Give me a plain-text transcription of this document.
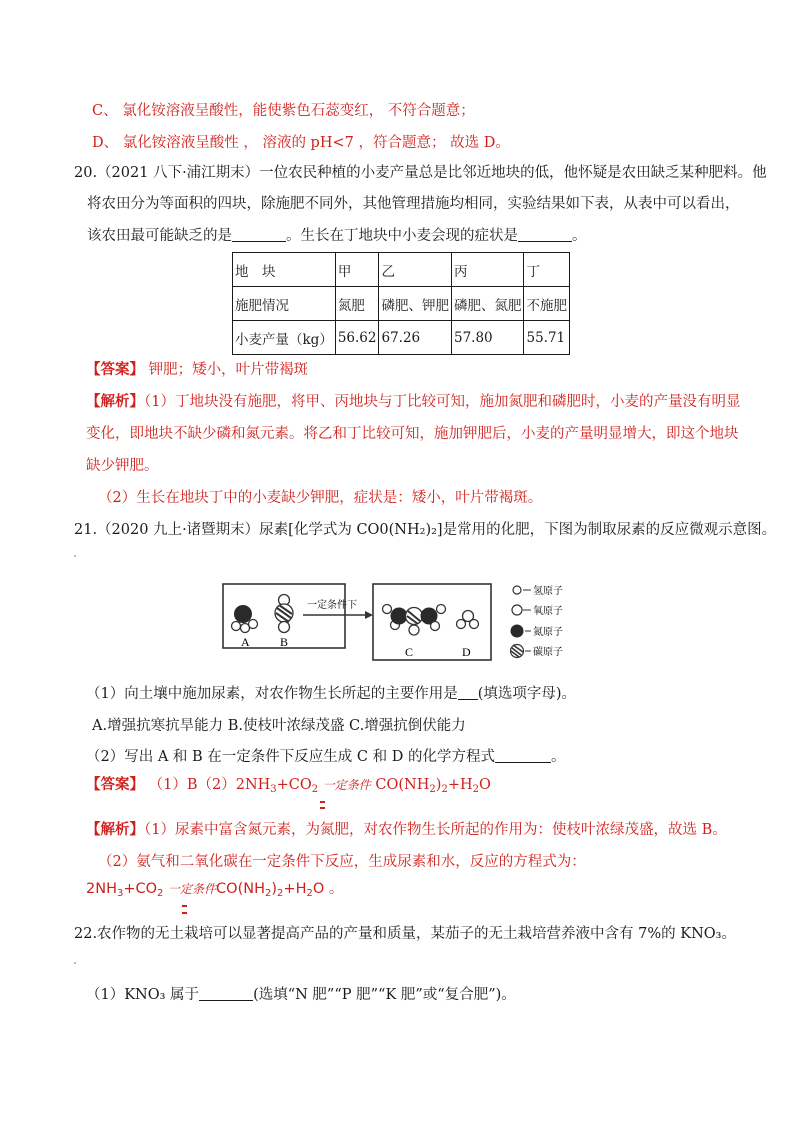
C、 氯化铵溶液呈酸性，能使紫色石蕊变红， 不符合题意；
D、 氯化铵溶液呈酸性 ， 溶液的 pH<7 ，符合题意； 故选 D。
20.（2021 八下·浦江期末）一位农民种植的小麦产量总是比邻近地块的低，他怀疑是农田缺乏某种肥料。他
将农田分为等面积的四块，除施肥不同外，其他管理措施均相同，实验结果如下表，从表中可以看出，
该农田最可能缺乏的是	。生长在丁地块中小麦会现的症状是	。
地　块	甲	乙	丙	丁
施肥情况	氮肥	磷肥、钾肥	磷肥、氮肥	不施肥
小麦产量（kg）	56.62	67.26	57.80	55.71
【答案】 钾肥；矮小，叶片带褐斑
【解析】（1）丁地块没有施肥，将甲、丙地块与丁比较可知，施加氮肥和磷肥时，小麦的产量没有明显
变化，即地块不缺少磷和氮元素。将乙和丁比较可知，施加钾肥后，小麦的产量明显增大，即这个地块
缺少钾肥。
（2）生长在地块丁中的小麦缺少钾肥，症状是：矮小，叶片带褐斑。
21.（2020 九上·诸暨期末）尿素[化学式为 CO0(NH₂)₂]是常用的化肥，下图为制取尿素的反应微观示意图。
A	B
一定条件下
C	D
氢原子
氧原子
氮原子
碳原子
（1）向土壤中施加尿素，对农作物生长所起的主要作用是 (填选项字母)。
A.增强抗寒抗旱能力 B.使枝叶浓绿茂盛 C.增强抗倒伏能力
（2）写出 A 和 B 在一定条件下反应生成 C 和 D 的化学方程式	。
【答案】 $(1)B(2)2NH_3+CO_2$ 一定条件 $CO(NH_2)_2+H_2O$
【解析】（1）尿素中富含氮元素，为氮肥，对农作物生长所起的作用为：使枝叶浓绿茂盛，故选 B。
（2）氨气和二氧化碳在一定条件下反应，生成尿素和水，反应的方程式为：
$2NH_3+CO_2$ 一定条件$CO(NH_2)_2+H_2O$ 。
22.农作物的无土栽培可以显著提高产品的产量和质量，某茄子的无土栽培营养液中含有 7%的 KNO₃。
（1）KNO₃ 属于	(选填“N 肥”“P 肥”“K 肥”或“复合肥”)。
